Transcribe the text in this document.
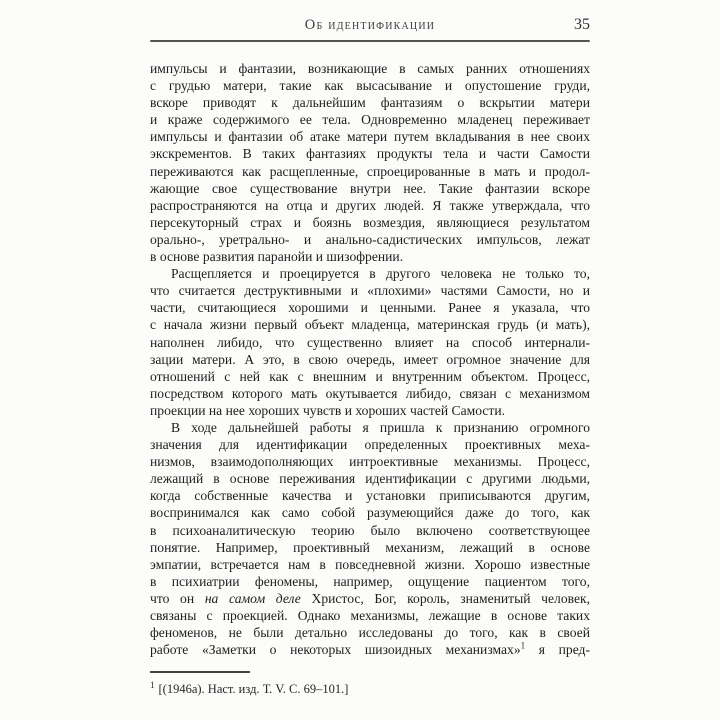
Об идентификации	35
импульсы и фантазии, возникающие в самых ранних отношениях
с грудью матери, такие как высасывание и опустошение груди,
вскоре приводят к дальнейшим фантазиям о вскрытии матери
и краже содержимого ее тела. Одновременно младенец переживает
импульсы и фантазии об атаке матери путем вкладывания в нее своих
экскрементов. В таких фантазиях продукты тела и части Самости
переживаются как расщепленные, спроецированные в мать и продол-
жающие свое существование внутри нее. Такие фантазии вскоре
распространяются на отца и других людей. Я также утверждала, что
персекуторный страх и боязнь возмездия, являющиеся результатом
орально-, уретрально- и анально-садистических импульсов, лежат
в основе развития паранойи и шизофрении.
Расщепляется и проецируется в другого человека не только то,
что считается деструктивными и «плохими» частями Самости, но и
части, считающиеся хорошими и ценными. Ранее я указала, что
с начала жизни первый объект младенца, материнская грудь (и мать),
наполнен либидо, что существенно влияет на способ интернали-
зации матери. А это, в свою очередь, имеет огромное значение для
отношений с ней как с внешним и внутренним объектом. Процесс,
посредством которого мать окутывается либидо, связан с механизмом
проекции на нее хороших чувств и хороших частей Самости.
В ходе дальнейшей работы я пришла к признанию огромного
значения для идентификации определенных проективных меха-
низмов, взаимодополняющих интроективные механизмы. Процесс,
лежащий в основе переживания идентификации с другими людьми,
когда собственные качества и установки приписываются другим,
воспринимался как само собой разумеющийся даже до того, как
в психоаналитическую теорию было включено соответствующее
понятие. Например, проективный механизм, лежащий в основе
эмпатии, встречается нам в повседневной жизни. Хорошо известные
в психиатрии феномены, например, ощущение пациентом того,
что он на самом деле Христос, Бог, король, знаменитый человек,
связаны с проекцией. Однако механизмы, лежащие в основе таких
феноменов, не были детально исследованы до того, как в своей
работе «Заметки о некоторых шизоидных механизмах»$^1$ я пред-
$^1$ [(1946a). Наст. изд. Т. V. С. 69–101.]
